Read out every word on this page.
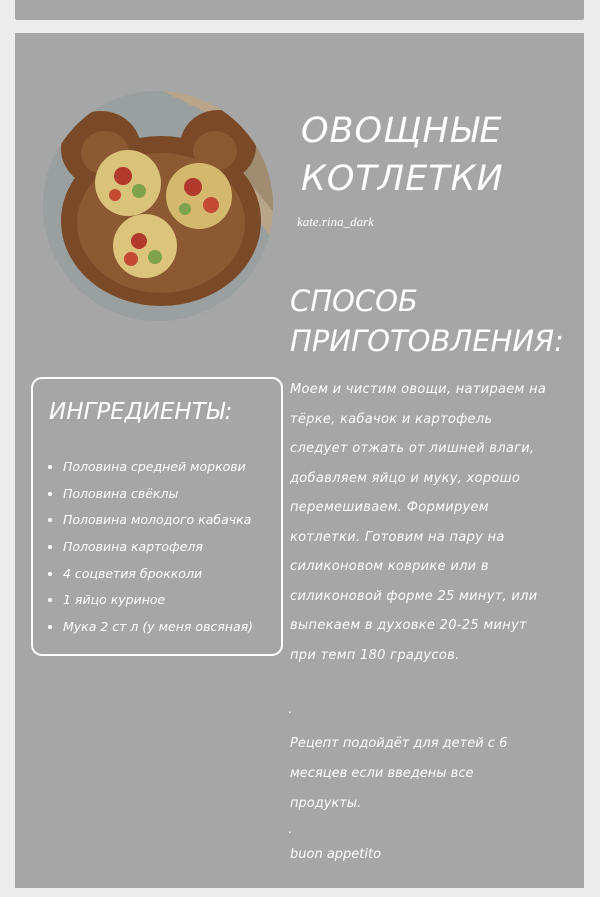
ОВОЩНЫЕ
КОТЛЕТКИ
kate.rina_dark
СПОСОБ
ПРИГОТОВЛЕНИЯ:
ИНГРЕДИЕНТЫ:
• Половина средней моркови
• Половина свёклы
• Половина молодого кабачка
• Половина картофеля
• 4 соцветия брокколи
• 1 яйцо куриное
• Мука 2 ст л (у меня овсяная)

Моем и чистим овощи, натираем на
тёрке, кабачок и картофель
следует отжать от лишней влаги,
добавляем яйцо и муку, хорошо
перемешиваем. Формируем
котлетки. Готовим на пару на
силиконовом коврике или в
силиконовой форме 25 минут, или
выпекаем в духовке 20-25 минут
при темп 180 градусов.

.

Рецепт подойдёт для детей с 6
месяцев если введены все
продукты.

.
buon appetito
